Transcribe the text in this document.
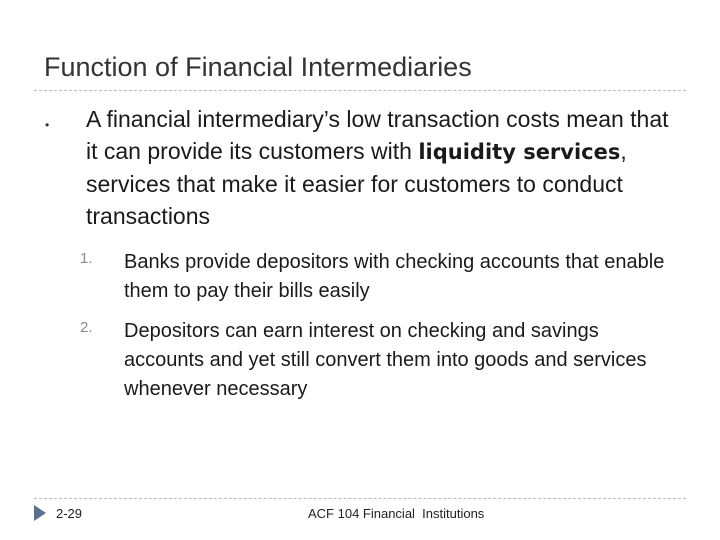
Function of Financial Intermediaries
• A financial intermediary’s low transaction costs mean that it can provide its customers with liquidity services, services that make it easier for customers to conduct transactions
1. Banks provide depositors with checking accounts that enable them to pay their bills easily
2. Depositors can earn interest on checking and savings accounts and yet still convert them into goods and services whenever necessary
2-29	ACF 104 Financial  Institutions
